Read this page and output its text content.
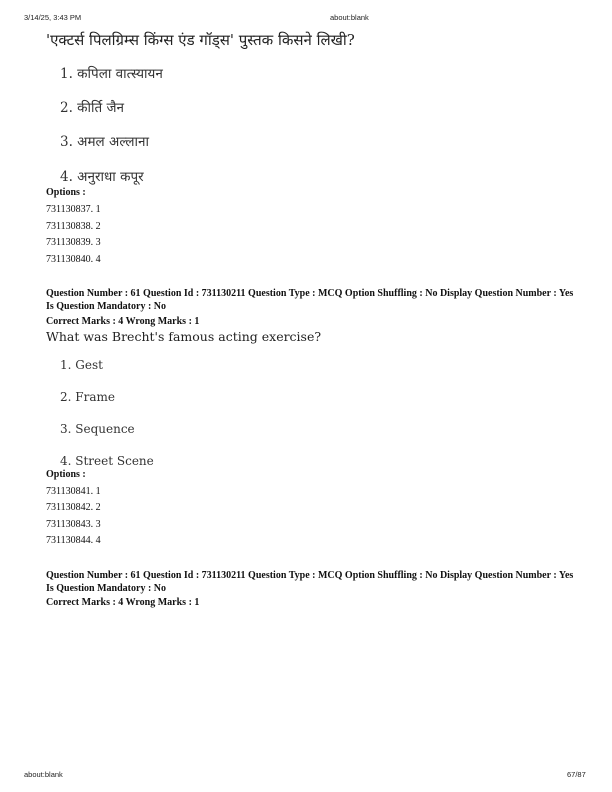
3/14/25, 3:43 PM	about:blank
'एक्टर्स पिलग्रिम्स किंग्स एंड गॉड्स' पुस्तक किसने लिखी?
1. कपिला वात्स्यायन
2. कीर्ति जैन
3. अमल अल्लाना
4. अनुराधा कपूर
Options :
731130837. 1
731130838. 2
731130839. 3
731130840. 4
Question Number : 61 Question Id : 731130211 Question Type : MCQ Option Shuffling : No Display Question Number : Yes Is Question Mandatory : No
Correct Marks : 4 Wrong Marks : 1
What was Brecht's famous acting exercise?
1. Gest
2. Frame
3. Sequence
4. Street Scene
Options :
731130841. 1
731130842. 2
731130843. 3
731130844. 4
Question Number : 61 Question Id : 731130211 Question Type : MCQ Option Shuffling : No Display Question Number : Yes Is Question Mandatory : No
Correct Marks : 4 Wrong Marks : 1
about:blank	67/87
